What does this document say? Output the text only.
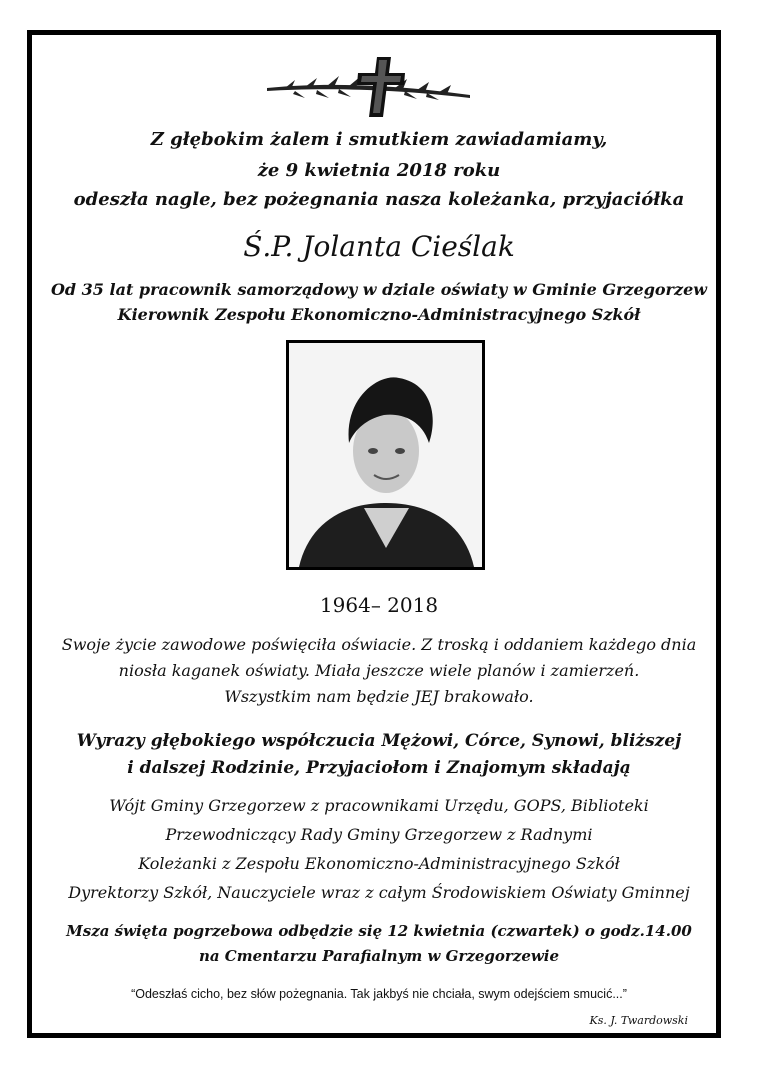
Z głębokim żalem i smutkiem zawiadamiamy,
że 9 kwietnia 2018 roku
odeszła nagle, bez pożegnania nasza koleżanka, przyjaciółka
Ś.P. Jolanta Cieślak
Od 35 lat pracownik samorządowy w dziale oświaty w Gminie Grzegorzew
Kierownik Zespołu Ekonomiczno-Administracyjnego Szkół
1964– 2018
Swoje życie zawodowe poświęciła oświacie. Z troską i oddaniem każdego dnia
niosła kaganek oświaty. Miała jeszcze wiele planów i zamierzeń.
Wszystkim nam będzie JEJ brakowało.
Wyrazy głębokiego współczucia Mężowi, Córce, Synowi, bliższej
i dalszej Rodzinie, Przyjaciołom i Znajomym składają
Wójt Gminy Grzegorzew z pracownikami Urzędu, GOPS, Biblioteki
Przewodniczący Rady Gminy Grzegorzew z Radnymi
Koleżanki z Zespołu Ekonomiczno-Administracyjnego Szkół
Dyrektorzy Szkół, Nauczyciele wraz z całym Środowiskiem Oświaty Gminnej
Msza święta pogrzebowa odbędzie się 12 kwietnia (czwartek) o godz.14.00
na Cmentarzu Parafialnym w Grzegorzewie
“Odeszłaś cicho, bez słów pożegnania. Tak jakbyś nie chciała, swym odejściem smucić...”
Ks. J. Twardowski
